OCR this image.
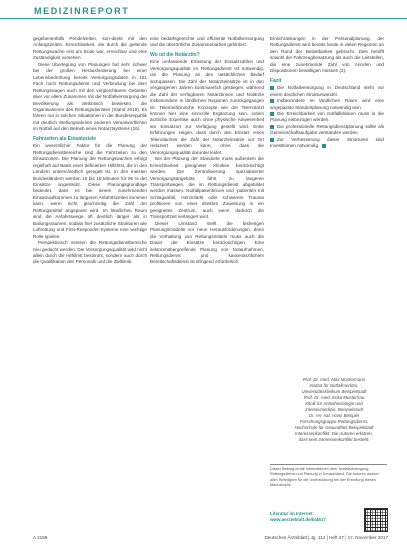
MEDIZINREPORT

gegebenenfalls Pendelzeiten, kon-direkt mit den Anfangszeiten. Erreichbarkeit, die durch die geltende Rettungswache erst am Ende war, erreichbar und eine Zuständigkeit vorsehen.

Diese Überlegung von Planungen hat sehr schwer bei der großen Herausforderung bei einer Lebensbedrohung bereits Versorgungsdaten in 151 Fach noch Rettungsdienst und Verbindung bei dem Rettungswagen auch mit den vergleichbaren Gebieten aber vor allem Zusammen mit der Notfallversorgung der Bevölkerung als zeitkritisch bewiesen, die Organisationen des Rettungsdienstes (Stand 2016). Es fahren nur in solchen Situationen in der Bundesrepublik mit deutlich Stellungnahmen anderen Verantwortlichen im Notfall auf den Betrieb eines Notarztsystems (16).

Fahrzeiten als Einsatzziele

Ein wesentlicher Faktor für die Planung der Rettungsdienstbereiche sind die Fahrzeiten zu den Einsatzorten. Die Planung der Rettungswachen erfolgt regelhaft auf Basis einer definierten Hilfsfrist, die in den Ländern unterschiedlich geregelt ist. In den meisten Bundesländern werden 10 bis 15 Minuten für 95 % der Einsätze angestrebt. Diese Planungsgrundlage bedeutet, dass es bei einem zunehmenden Einsatzaufkommen zu längeren Anfahrtszeiten kommen kann, wenn nicht gleichzeitig die Zahl der Rettungsmittel angepasst wird. Im ländlichen Raum sind die Anfahrtswege oft deutlich länger als in Ballungsräumen, sodass hier zusätzliche Strukturen wie Luftrettung und First-Responder-Systeme eine wichtige Rolle spielen.

Perspektivisch müssen die Rettungsdienstbereiche neu gedacht werden: Die Versorgungsqualität wird nicht allein durch die Hilfsfrist bestimmt, sondern auch durch die Qualifikation des Personals und die Zielklinik.

eine bedarfsgerechte und effiziente Notfallversorgung und die überörtliche Zusammenarbeit gefördert.

Wo ist die Notärztin?

Eine umfassende Erfassung der Einsatzzahlen und Versorgungsqualität im Rettungsdienst ist notwendig, um die Planung an den tatsächlichen Bedarf anzupassen. Die Zahl der Notarzteinsätze ist in den vergangenen Jahren kontinuierlich gestiegen, während die Zahl der verfügbaren Notärztinnen und Notärzte insbesondere in ländlichen Regionen zurückgegangen ist. Telemedizinische Konzepte wie der Telenotarzt können hier eine sinnvolle Ergänzung sein, indem ärztliche Expertise auch ohne physische Anwesenheit am Einsatzort zur Verfügung gestellt wird. Erste Erfahrungen zeigen, dass durch den Einsatz eines Telenotarztes die Zahl der Notarzteinsätze vor Ort reduziert werden kann, ohne dass die Versorgungsqualität darunter leidet.

Bei der Planung der Standorte muss außerdem die Erreichbarkeit geeigneter Kliniken berücksichtigt werden. Die Zentralisierung spezialisierter Versorgungsangebote führt zu längeren Transportwegen, die im Rettungsdienst abgebildet werden müssen. Notfallpatientinnen und -patienten mit Schlaganfall, Herzinfarkt oder schwerem Trauma profitieren von einer direkten Zuweisung in ein geeignetes Zentrum, auch wenn dadurch die Transportzeit verlängert wird.

Dieser Umstand stellt die bisherigen Planungsmodelle vor neue Herausforderungen, denn die Vorhaltung von Rettungsmitteln muss auch die Dauer der Einsätze berücksichtigen. Eine sektorenübergreifende Planung von Notaufnahmen, Rettungsdienst und kassenärztlichem Bereitschaftsdienst ist dringend erforderlich.

Einschränkungen in der Personalplanung, der Rettungsdienst wird bereits heute in vielen Regionen an den Rand der Belastbarkeit gebracht. Dies betrifft sowohl die Fahrzeugbesatzung als auch die Leitstellen, die eine zunehmende Zahl von Anrufen und Dispositionen bewältigen müssen (2).

Fazit
Die Notfallversorgung in Deutschland steht vor einem deutlichen Strukturwandel.
Insbesondere im ländlichen Raum wird eine angepasste Standortplanung notwendig sein.
Die Erreichbarkeit von Notfallkliniken muss in die Planung einbezogen werden.
Die professionelle Rettungsdienstplanung sollte als Gemeinschaftsaufgabe verstanden werden.
Zur Verbesserung dieser Strukturen sind Investitionen notwendig.
Prof. Dr. med. Max Mustermann
Institut für Notfallmedizin,
Universitätsklinikum Beispielstadt
Prof. Dr. med. Erika Musterfrau
Klinik für Anästhesiologie und
Intensivmedizin, Beispielstadt
Dr. rer. nat. Hans Beispiel
Forschungsgruppe Rettungsdienst,
Hochschule für Gesundheit Beispielstadt
Interessenkonflikt: Die Autoren erklären,
dass kein Interessenkonflikt besteht.
Dieser Beitrag erhält Informationen über Notfallversorgung, Rettungsdienst und Planung in Deutschland. Die Autoren danken allen Beteiligten für die Unterstützung bei der Erstellung dieses Manuskripts.
Literatur im Internet:
www.aerzteblatt.de/lit4617
A 2156	Deutsches Ärzteblatt | Jg. 114 | Heft 47 | 17. November 2017
